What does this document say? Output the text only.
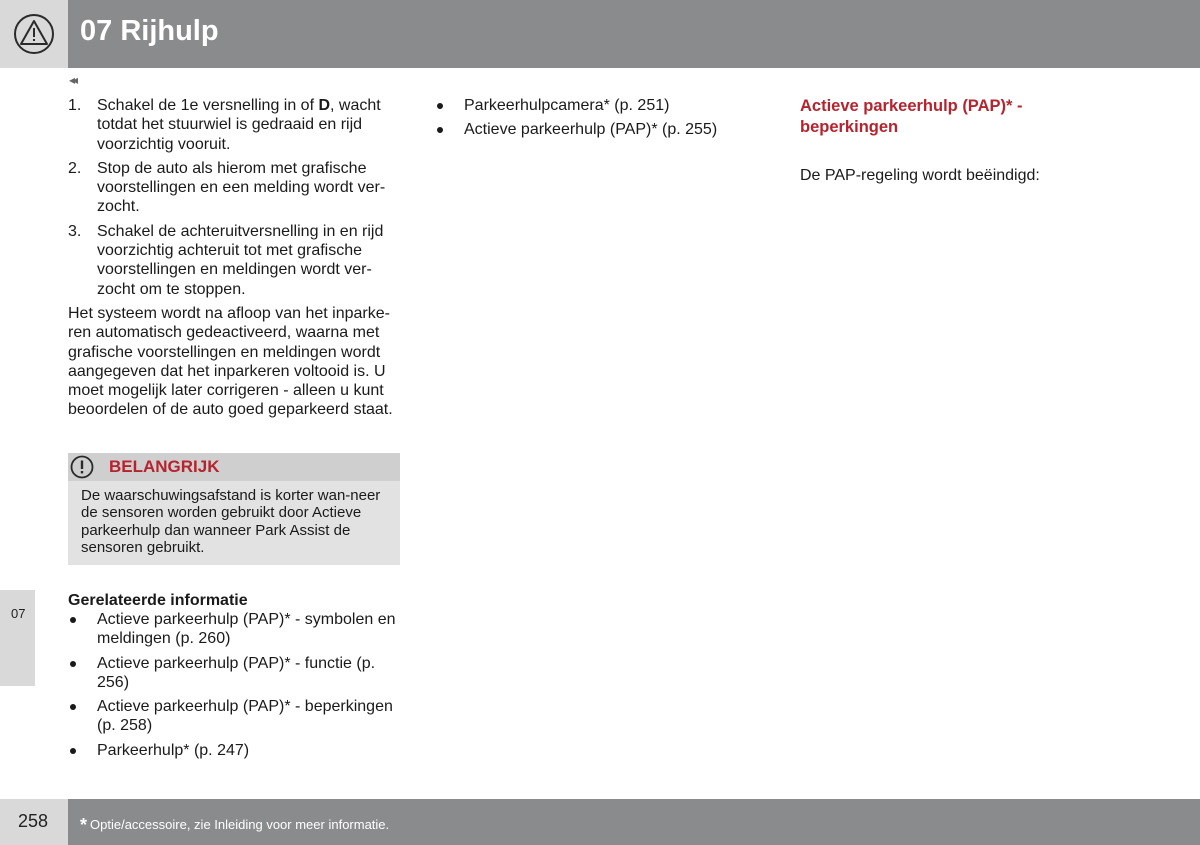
07 Rijhulp
◂◂
1. Schakel de 1e versnelling in of D, wacht totdat het stuurwiel is gedraaid en rijd voorzichtig vooruit.
2. Stop de auto als hierom met grafische voorstellingen en een melding wordt ver-zocht.
3. Schakel de achteruitversnelling in en rijd voorzichtig achteruit tot met grafische voorstellingen en meldingen wordt ver-zocht om te stoppen.

Het systeem wordt na afloop van het inparke-ren automatisch gedeactiveerd, waarna met grafische voorstellingen en meldingen wordt aangegeven dat het inparkeren voltooid is. U moet mogelijk later corrigeren - alleen u kunt beoordelen of de auto goed geparkeerd staat.

BELANGRIJK
De waarschuwingsafstand is korter wan-neer de sensoren worden gebruikt door Actieve parkeerhulp dan wanneer Park Assist de sensoren gebruikt.

Gerelateerde informatie

Actieve parkeerhulp (PAP)* - symbolen en meldingen (p. 260)
Actieve parkeerhulp (PAP)* - functie (p. 256)
Actieve parkeerhulp (PAP)* - beperkingen (p. 258)
Parkeerhulp* (p. 247)
Parkeerhulpcamera* (p. 251)
Actieve parkeerhulp (PAP)* (p. 255)

Actieve parkeerhulp (PAP)* - beperkingen

De PAP-regeling wordt beëindigd:

07
258 * Optie/accessoire, zie Inleiding voor meer informatie.
